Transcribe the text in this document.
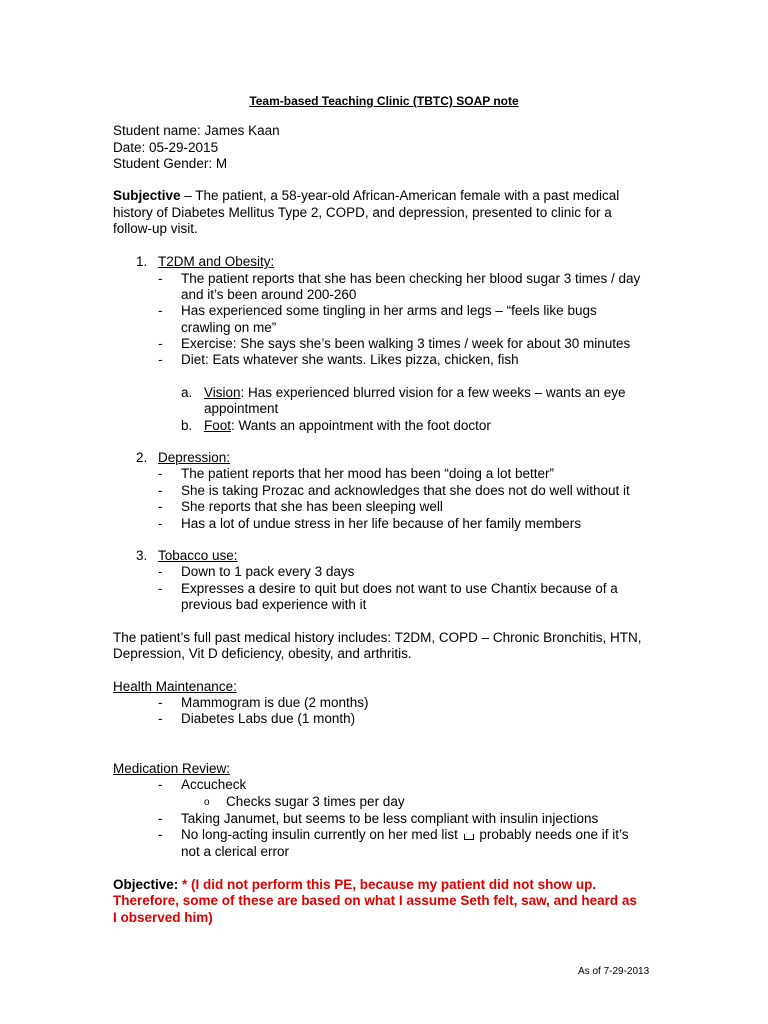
Team-based Teaching Clinic (TBTC) SOAP note
Student name: James Kaan
Date: 05-29-2015
Student Gender: M
Subjective – The patient, a 58-year-old African-American female with a past medical
history of Diabetes Mellitus Type 2, COPD, and depression, presented to clinic for a
follow-up visit.
1. T2DM and Obesity:
- The patient reports that she has been checking her blood sugar 3 times / day
and it’s been around 200-260
- Has experienced some tingling in her arms and legs – “feels like bugs
crawling on me”
- Exercise: She says she’s been walking 3 times / week for about 30 minutes
- Diet: Eats whatever she wants. Likes pizza, chicken, fish
a. Vision: Has experienced blurred vision for a few weeks – wants an eye
appointment
b. Foot: Wants an appointment with the foot doctor
2. Depression:
- The patient reports that her mood has been “doing a lot better”
- She is taking Prozac and acknowledges that she does not do well without it
- She reports that she has been sleeping well
- Has a lot of undue stress in her life because of her family members
3. Tobacco use:
- Down to 1 pack every 3 days
- Expresses a desire to quit but does not want to use Chantix because of a
previous bad experience with it
The patient’s full past medical history includes: T2DM, COPD – Chronic Bronchitis, HTN,
Depression, Vit D deficiency, obesity, and arthritis.
Health Maintenance:
- Mammogram is due (2 months)
- Diabetes Labs due (1 month)
Medication Review:
- Accucheck
o Checks sugar 3 times per day
- Taking Janumet, but seems to be less compliant with insulin injections
- No long-acting insulin currently on her med list probably needs one if it’s
not a clerical error
Objective: * (I did not perform this PE, because my patient did not show up.
Therefore, some of these are based on what I assume Seth felt, saw, and heard as
I observed him)
As of 7-29-2013
